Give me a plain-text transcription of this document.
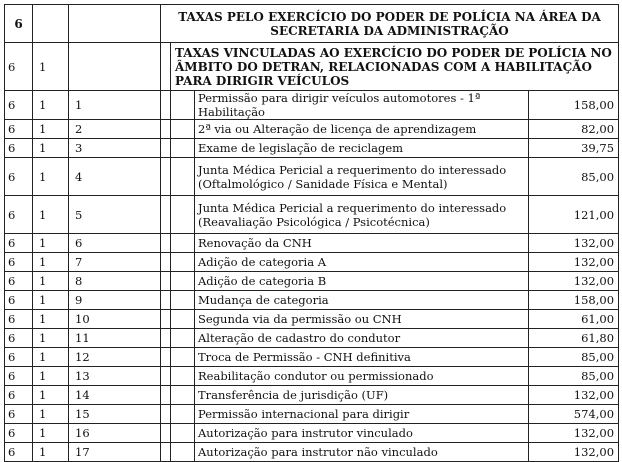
6			TAXAS PELO EXERCÍCIO DO PODER DE POLÍCIA NA ÁREA DA SECRETARIA DA ADMINISTRAÇÃO			
6	1			TAXAS VINCULADAS AO EXERCÍCIO DO PODER DE POLÍCIA NO ÂMBITO DO DETRAN, RELACIONADAS COM A HABILITAÇÃO PARA DIRIGIR VEÍCULOS		
6	1	1			Permissão para dirigir veículos automotores - 1ª Habilitação	158,00
6	1	2			2ª via ou Alteração de licença de aprendizagem	82,00
6	1	3			Exame de legislação de reciclagem	39,75
6	1	4			Junta Médica Pericial a requerimento do interessado (Oftalmológico / Sanidade Física e Mental)	85,00
6	1	5			Junta Médica Pericial a requerimento do interessado (Reavaliação Psicológica / Psicotécnica)	121,00
6	1	6			Renovação da CNH	132,00
6	1	7			Adição de categoria A	132,00
6	1	8			Adição de categoria B	132,00
6	1	9			Mudança de categoria	158,00
6	1	10			Segunda via da permissão ou CNH	61,00
6	1	11			Alteração de cadastro do condutor	61,80
6	1	12			Troca de Permissão - CNH definitiva	85,00
6	1	13			Reabilitação condutor ou permissionado	85,00
6	1	14			Transferência de jurisdição (UF)	132,00
6	1	15			Permissão internacional para dirigir	574,00
6	1	16			Autorização para instrutor vinculado	132,00
6	1	17			Autorização para instrutor não vinculado	132,00
